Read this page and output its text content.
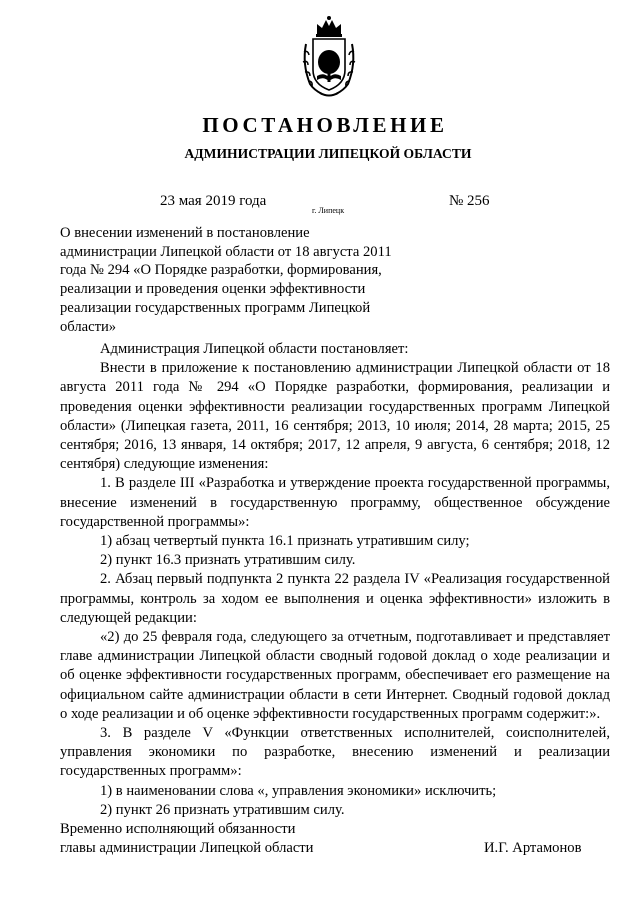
ПОСТАНОВЛЕНИЕ
АДМИНИСТРАЦИИ ЛИПЕЦКОЙ ОБЛАСТИ
23 мая 2019 года
г. Липецк
№ 256

О внесении изменений в постановление администрации Липецкой области от 18 августа 2011 года № 294 «О Порядке разработки, формирования, реализации и проведения оценки эффективности реализации государственных программ Липецкой области»

Администрация Липецкой области постановляет:

Внести в приложение к постановлению администрации Липецкой области от 18 августа 2011 года № 294 «О Порядке разработки, формирования, реализации и проведения оценки эффективности реализации государственных программ Липецкой области» (Липецкая газета, 2011, 16 сентября; 2013, 10 июля; 2014, 28 марта; 2015, 25 сентября; 2016, 13 января, 14 октября; 2017, 12 апреля, 9 августа, 6 сентября; 2018, 12 сентября) следующие изменения:

1. В разделе III «Разработка и утверждение проекта государственной программы, внесение изменений в государственную программу, общественное обсуждение государственной программы»:

1) абзац четвертый пункта 16.1 признать утратившим силу;

2) пункт 16.3 признать утратившим силу.

2. Абзац первый подпункта 2 пункта 22 раздела IV «Реализация государственной программы, контроль за ходом ее выполнения и оценка эффективности» изложить в следующей редакции:

«2) до 25 февраля года, следующего за отчетным, подготавливает и представляет главе администрации Липецкой области сводный годовой доклад о ходе реализации и об оценке эффективности государственных программ, обеспечивает его размещение на официальном сайте администрации области в сети Интернет. Сводный годовой доклад о ходе реализации и об оценке эффективности государственных программ содержит:».

3. В разделе V «Функции ответственных исполнителей, соисполнителей, управления экономики по разработке, внесению изменений и реализации государственных программ»:

1) в наименовании слова «, управления экономики» исключить;

2) пункт 26 признать утратившим силу.

Временно исполняющий обязанности
главы администрации Липецкой области	И.Г. Артамонов
